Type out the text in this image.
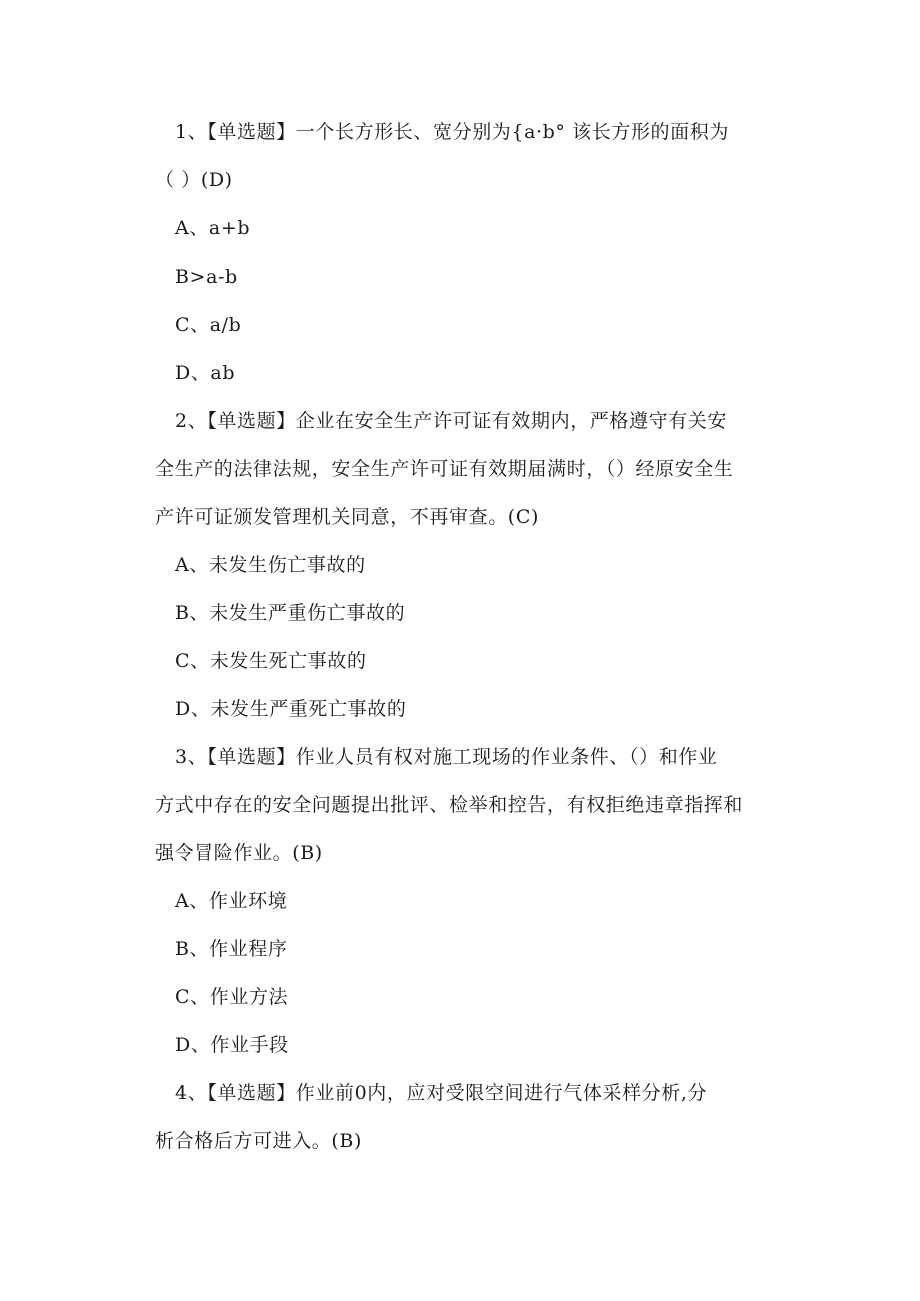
1、【单选题】一个长方形长、宽分别为{a·b° 该长方形的面积为
（ ）(D)
A、a+b
B>a-b
C、a/b
D、ab
2、【单选题】企业在安全生产许可证有效期内，严格遵守有关安
全生产的法律法规，安全生产许可证有效期届满时，（）经原安全生
产许可证颁发管理机关同意，不再审查。(C)
A、未发生伤亡事故的
B、未发生严重伤亡事故的
C、未发生死亡事故的
D、未发生严重死亡事故的
3、【单选题】作业人员有权对施工现场的作业条件、（）和作业
方式中存在的安全问题提出批评、检举和控告，有权拒绝违章指挥和
强令冒险作业。(B)
A、作业环境
B、作业程序
C、作业方法
D、作业手段
4、【单选题】作业前0内，应对受限空间进行气体采样分析,分
析合格后方可进入。(B)
